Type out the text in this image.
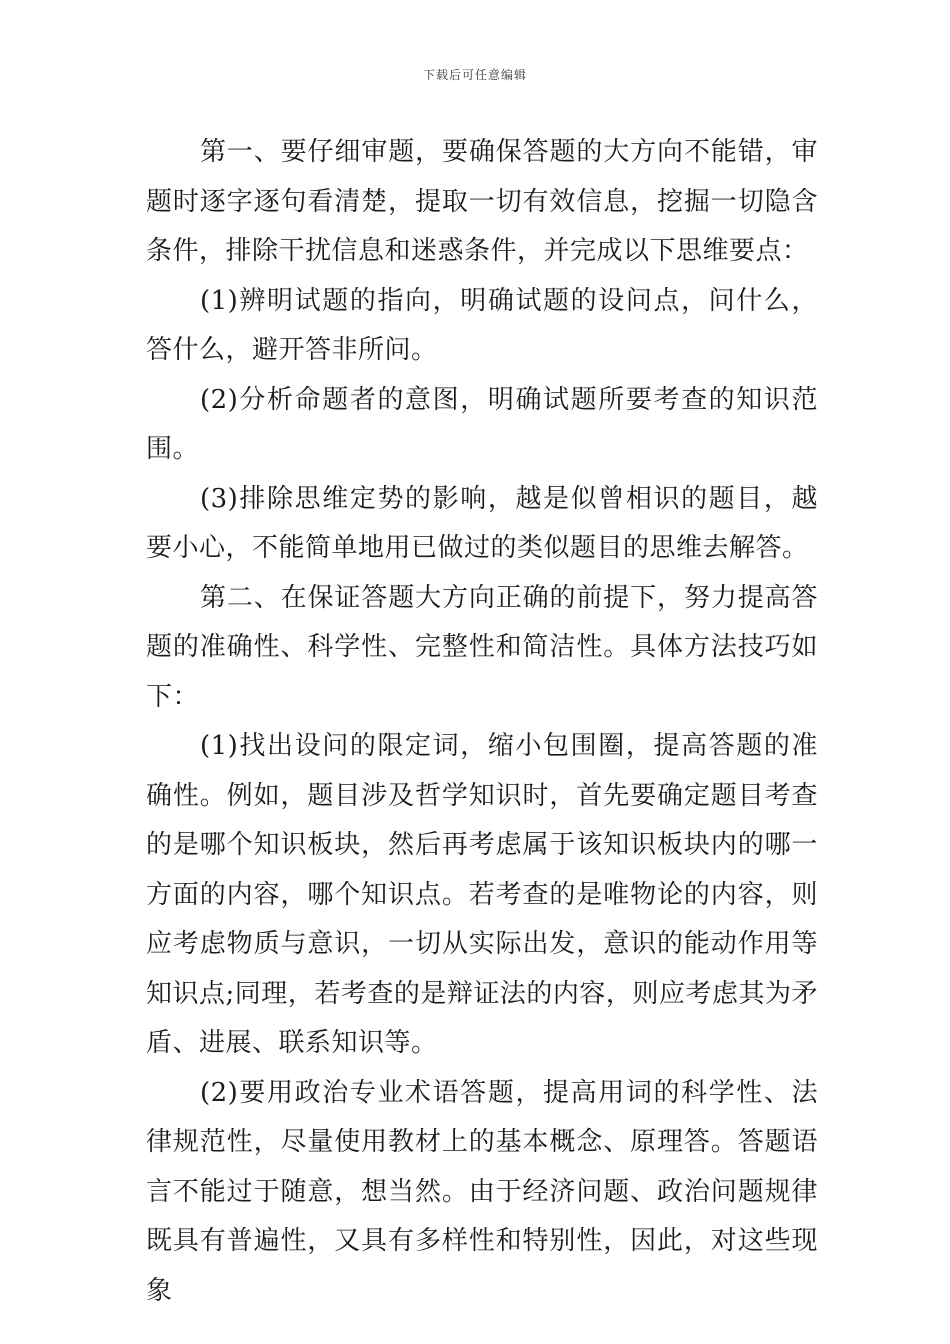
下载后可任意编辑

第一、要仔细审题，要确保答题的大方向不能错，审题时逐字逐句看清楚，提取一切有效信息，挖掘一切隐含条件，排除干扰信息和迷惑条件，并完成以下思维要点：

(1)辨明试题的指向，明确试题的设问点，问什么，答什么，避开答非所问。

(2)分析命题者的意图，明确试题所要考查的知识范围。

(3)排除思维定势的影响，越是似曾相识的题目，越要小心，不能简单地用已做过的类似题目的思维去解答。

第二、在保证答题大方向正确的前提下，努力提高答题的准确性、科学性、完整性和简洁性。具体方法技巧如下：

(1)找出设问的限定词，缩小包围圈，提高答题的准确性。例如，题目涉及哲学知识时，首先要确定题目考查的是哪个知识板块，然后再考虑属于该知识板块内的哪一方面的内容，哪个知识点。若考查的是唯物论的内容，则应考虑物质与意识，一切从实际出发，意识的能动作用等知识点;同理，若考查的是辩证法的内容，则应考虑其为矛盾、进展、联系知识等。

(2)要用政治专业术语答题，提高用词的科学性、法律规范性，尽量使用教材上的基本概念、原理答。答题语言不能过于随意，想当然。由于经济问题、政治问题规律既具有普遍性，又具有多样性和特别性，因此，对这些现象
